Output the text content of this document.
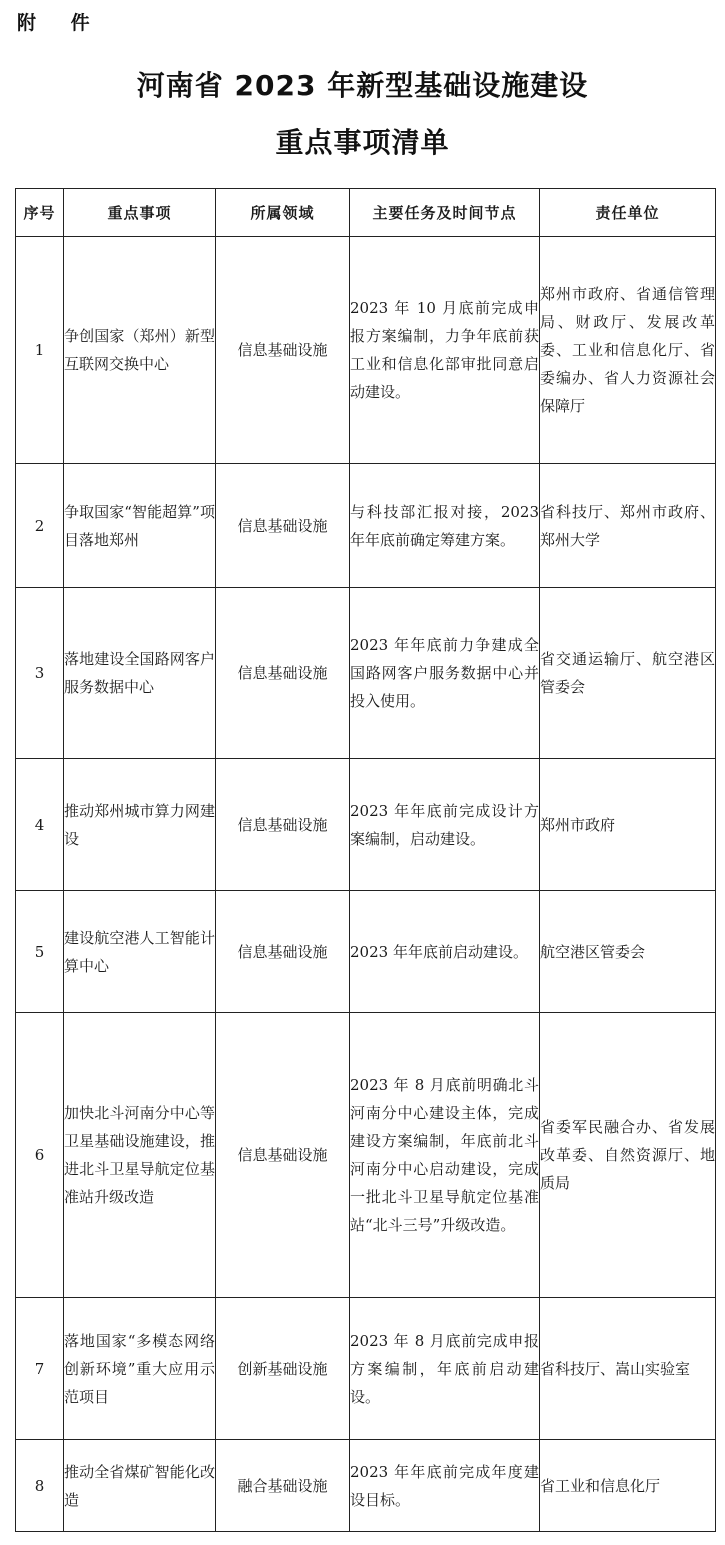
附 件
河南省 2023 年新型基础设施建设
重点事项清单
序号	重点事项	所属领域	主要任务及时间节点	责任单位
1	争创国家（郑州）新型互联网交换中心	信息基础设施	2023 年 10 月底前完成申报方案编制，力争年底前获工业和信息化部审批同意启动建设。	郑州市政府、省通信管理局、财政厅、发展改革委、工业和信息化厅、省委编办、省人力资源社会保障厅
2	争取国家“智能超算”项目落地郑州	信息基础设施	与科技部汇报对接，2023 年年底前确定筹建方案。	省科技厅、郑州市政府、郑州大学
3	落地建设全国路网客户服务数据中心	信息基础设施	2023 年年底前力争建成全国路网客户服务数据中心并投入使用。	省交通运输厅、航空港区管委会
4	推动郑州城市算力网建设	信息基础设施	2023 年年底前完成设计方案编制，启动建设。	郑州市政府
5	建设航空港人工智能计算中心	信息基础设施	2023 年年底前启动建设。	航空港区管委会
6	加快北斗河南分中心等卫星基础设施建设，推进北斗卫星导航定位基准站升级改造	信息基础设施	2023 年 8 月底前明确北斗河南分中心建设主体，完成建设方案编制，年底前北斗河南分中心启动建设，完成一批北斗卫星导航定位基准站“北斗三号”升级改造。	省委军民融合办、省发展改革委、自然资源厅、地质局
7	落地国家“多模态网络创新环境”重大应用示范项目	创新基础设施	2023 年 8 月底前完成申报方案编制，年底前启动建设。	省科技厅、嵩山实验室
8	推动全省煤矿智能化改造	融合基础设施	2023 年年底前完成年度建设目标。	省工业和信息化厅
